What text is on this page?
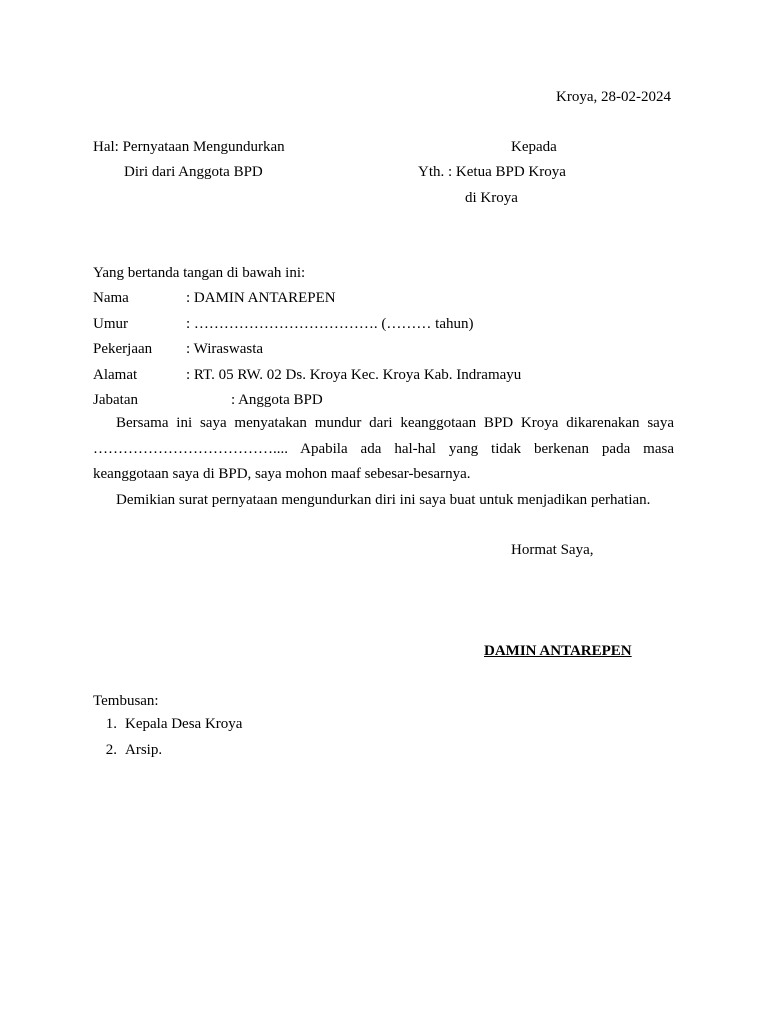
Kroya, 28-02-2024
Hal: Pernyataan Mengundurkan
Diri dari Anggota BPD
Kepada
Yth. : Ketua BPD Kroya
di Kroya
Yang bertanda tangan di bawah ini:
Nama	: DAMIN ANTAREPEN
Umur	: ………………………………. (……… tahun)
Pekerjaan : Wiraswasta
Alamat	: RT. 05 RW. 02 Ds. Kroya Kec. Kroya Kab. Indramayu
Jabatan	: Anggota BPD

Bersama ini saya menyatakan mundur dari keanggotaan BPD Kroya dikarenakan saya ……………………………….... Apabila ada hal-hal yang tidak berkenan pada masa keanggotaan saya di BPD, saya mohon maaf sebesar-besarnya.

Demikian surat pernyataan mengundurkan diri ini saya buat untuk menjadikan perhatian.

Hormat Saya,
DAMIN ANTAREPEN
Tembusan:
1. Kepala Desa Kroya
2. Arsip.
